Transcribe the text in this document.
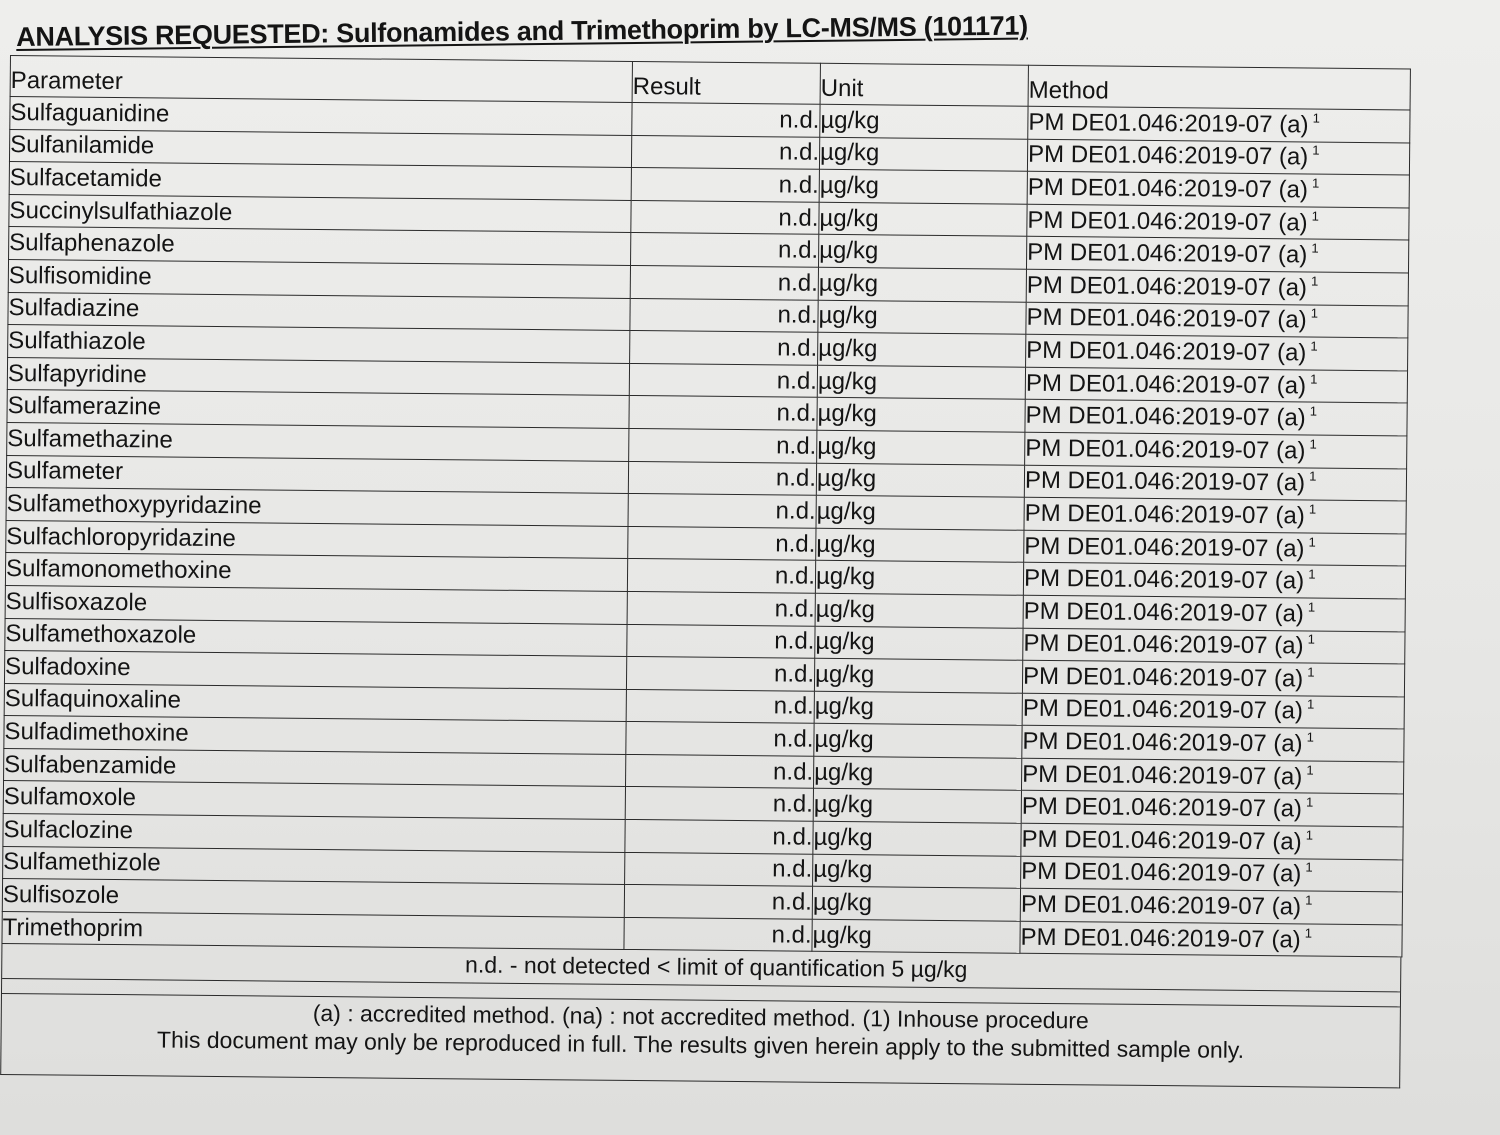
ANALYSIS REQUESTED: Sulfonamides and Trimethoprim by LC-MS/MS (101171)
Parameter	Result	Unit	Method
Sulfaguanidine	n.d.	µg/kg	PM DE01.046:2019-07 (a) $^1$
Sulfanilamide	n.d.	µg/kg	PM DE01.046:2019-07 (a) $^1$
Sulfacetamide	n.d.	µg/kg	PM DE01.046:2019-07 (a) $^1$
Succinylsulfathiazole	n.d.	µg/kg	PM DE01.046:2019-07 (a) $^1$
Sulfaphenazole	n.d.	µg/kg	PM DE01.046:2019-07 (a) $^1$
Sulfisomidine	n.d.	µg/kg	PM DE01.046:2019-07 (a) $^1$
Sulfadiazine	n.d.	µg/kg	PM DE01.046:2019-07 (a) $^1$
Sulfathiazole	n.d.	µg/kg	PM DE01.046:2019-07 (a) $^1$
Sulfapyridine	n.d.	µg/kg	PM DE01.046:2019-07 (a) $^1$
Sulfamerazine	n.d.	µg/kg	PM DE01.046:2019-07 (a) $^1$
Sulfamethazine	n.d.	µg/kg	PM DE01.046:2019-07 (a) $^1$
Sulfameter	n.d.	µg/kg	PM DE01.046:2019-07 (a) $^1$
Sulfamethoxypyridazine	n.d.	µg/kg	PM DE01.046:2019-07 (a) $^1$
Sulfachloropyridazine	n.d.	µg/kg	PM DE01.046:2019-07 (a) $^1$
Sulfamonomethoxine	n.d.	µg/kg	PM DE01.046:2019-07 (a) $^1$
Sulfisoxazole	n.d.	µg/kg	PM DE01.046:2019-07 (a) $^1$
Sulfamethoxazole	n.d.	µg/kg	PM DE01.046:2019-07 (a) $^1$
Sulfadoxine	n.d.	µg/kg	PM DE01.046:2019-07 (a) $^1$
Sulfaquinoxaline	n.d.	µg/kg	PM DE01.046:2019-07 (a) $^1$
Sulfadimethoxine	n.d.	µg/kg	PM DE01.046:2019-07 (a) $^1$
Sulfabenzamide	n.d.	µg/kg	PM DE01.046:2019-07 (a) $^1$
Sulfamoxole	n.d.	µg/kg	PM DE01.046:2019-07 (a) $^1$
Sulfaclozine	n.d.	µg/kg	PM DE01.046:2019-07 (a) $^1$
Sulfamethizole	n.d.	µg/kg	PM DE01.046:2019-07 (a) $^1$
Sulfisozole	n.d.	µg/kg	PM DE01.046:2019-07 (a) $^1$
Trimethoprim	n.d.	µg/kg	PM DE01.046:2019-07 (a) $^1$
n.d. - not detected < limit of quantification 5 µg/kg
(a) : accredited method. (na) : not accredited method. (1) Inhouse procedure
This document may only be reproduced in full. The results given herein apply to the submitted sample only.
